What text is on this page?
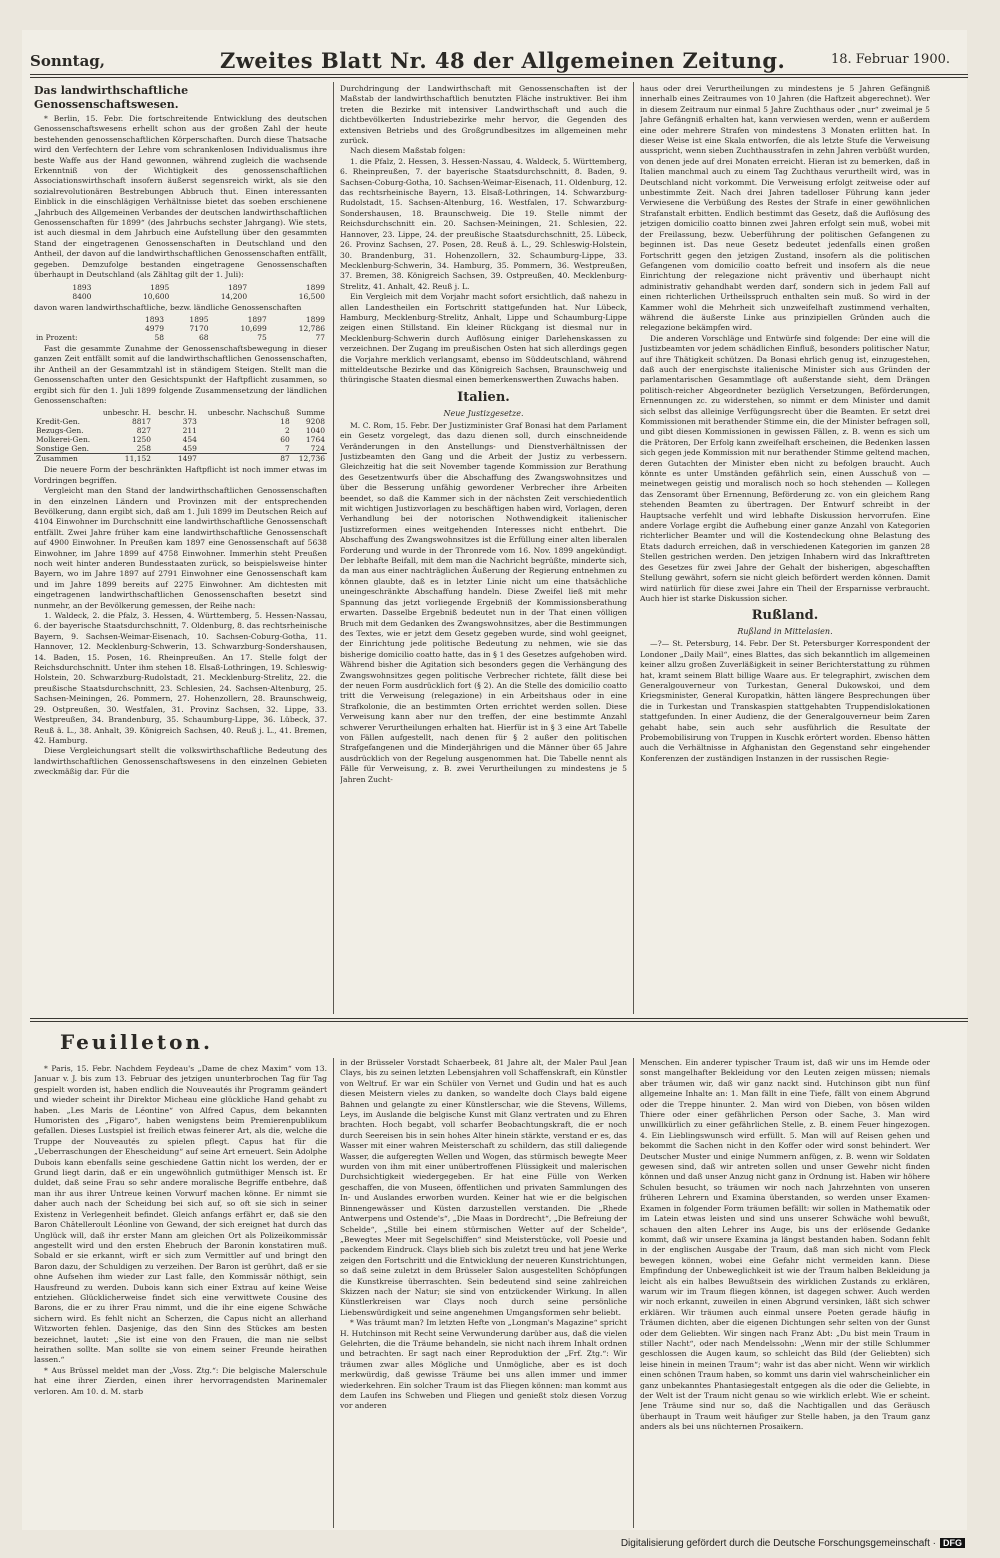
Sonntag,	Zweites Blatt Nr. 48 der Allgemeinen Zeitung.	18. Februar 1900.
Das landwirthschaftliche Genossenschaftswesen.

* Berlin, 15. Febr. Die fortschreitende Entwicklung des deutschen Genossenschaftswesens erhellt schon aus der großen Zahl der heute bestehenden genossenschaftlichen Körperschaften. Durch diese Thatsache wird den Verfechtern der Lehre vom schrankenlosen Individualismus ihre beste Waffe aus der Hand gewonnen, während zugleich die wachsende Erkenntniß von der Wichtigkeit des genossenschaftlichen Associationswirthschaft insofern äußerst segensreich wirkt, als sie den sozialrevolutionären Bestrebungen Abbruch thut. Einen interessanten Einblick in die einschlägigen Verhältnisse bietet das soeben erschienene „Jahrbuch des Allgemeinen Verbandes der deutschen landwirthschaftlichen Genossenschaften für 1899“ (des Jahrbuchs sechster Jahrgang). Wie stets, ist auch diesmal in dem Jahrbuch eine Aufstellung über den gesammten Stand der eingetragenen Genossenschaften in Deutschland und den Antheil, der davon auf die landwirthschaftlichen Genossenschaften entfällt, gegeben. Demzufolge bestanden eingetragene Genossenschaften überhaupt in Deutschland (als Zähltag gilt der 1. Juli):

1893	1895	1897	1899
8400	10,600	14,200	16,500

davon waren landwirthschaftliche, bezw. ländliche Genossenschaften

	1893	1895	1897	1899
	4979	7170	10,699	12,786
in Prozent:	58	68	75	77

Fast die gesammte Zunahme der Genossenschaftsbewegung in dieser ganzen Zeit entfällt somit auf die landwirthschaftlichen Genossenschaften, ihr Antheil an der Gesammtzahl ist in ständigem Steigen. Stellt man die Genossenschaften unter den Gesichtspunkt der Haftpflicht zusammen, so ergibt sich für den 1. Juli 1899 folgende Zusammensetzung der ländlichen Genossenschaften:

	unbeschr. H.	beschr. H.	unbeschr. Nachschuß	Summe
Kredit-Gen.	8817	373	18	9208
Bezugs-Gen.	827	211	2	1040
Molkerei-Gen.	1250	454	60	1764
Sonstige Gen.	258	459	7	724
Zusammen	11,152	1497	87	12,736

Die neuere Form der beschränkten Haftpflicht ist noch immer etwas im Vordringen begriffen.

Vergleicht man den Stand der landwirthschaftlichen Genossenschaften in den einzelnen Ländern und Provinzen mit der entsprechenden Bevölkerung, dann ergibt sich, daß am 1. Juli 1899 im Deutschen Reich auf 4104 Einwohner im Durchschnitt eine landwirthschaftliche Genossenschaft entfällt. Zwei Jahre früher kam eine landwirthschaftliche Genossenschaft auf 4900 Einwohner. In Preußen kam 1897 eine Genossenschaft auf 5638 Einwohner, im Jahre 1899 auf 4758 Einwohner. Immerhin steht Preußen noch weit hinter anderen Bundesstaaten zurück, so beispielsweise hinter Bayern, wo im Jahre 1897 auf 2791 Einwohner eine Genossenschaft kam und im Jahre 1899 bereits auf 2275 Einwohner. Am dichtesten mit eingetragenen landwirthschaftlichen Genossenschaften besetzt sind nunmehr, an der Bevölkerung gemessen, der Reihe nach:

1. Waldeck, 2. die Pfalz, 3. Hessen, 4. Württemberg, 5. Hessen-Nassau, 6. der bayerische Staatsdurchschnitt, 7. Oldenburg, 8. das rechtsrheinische Bayern, 9. Sachsen-Weimar-Eisenach, 10. Sachsen-Coburg-Gotha, 11. Hannover, 12. Mecklenburg-Schwerin, 13. Schwarzburg-Sondershausen, 14. Baden, 15. Posen, 16. Rheinpreußen. An 17. Stelle folgt der Reichsdurchschnitt. Unter ihm stehen 18. Elsaß-Lothringen, 19. Schleswig-Holstein, 20. Schwarzburg-Rudolstadt, 21. Mecklenburg-Strelitz, 22. die preußische Staatsdurchschnitt, 23. Schlesien, 24. Sachsen-Altenburg, 25. Sachsen-Meiningen, 26. Pommern, 27. Hohenzollern, 28. Braunschweig, 29. Ostpreußen, 30. Westfalen, 31. Provinz Sachsen, 32. Lippe, 33. Westpreußen, 34. Brandenburg, 35. Schaumburg-Lippe, 36. Lübeck, 37. Reuß ä. L., 38. Anhalt, 39. Königreich Sachsen, 40. Reuß j. L., 41. Bremen, 42. Hamburg.

Diese Vergleichungsart stellt die volkswirthschaftliche Bedeutung des landwirthschaftlichen Genossenschaftswesens in den einzelnen Gebieten zweckmäßig dar. Für die

Durchdringung der Landwirthschaft mit Genossenschaften ist der Maßstab der landwirthschaftlich benutzten Fläche instruktiver. Bei ihm treten die Bezirke mit intensiver Landwirthschaft und auch die dichtbevölkerten Industriebezirke mehr hervor, die Gegenden des extensiven Betriebs und des Großgrundbesitzes im allgemeinen mehr zurück.

Nach diesem Maßstab folgen:

1. die Pfalz, 2. Hessen, 3. Hessen-Nassau, 4. Waldeck, 5. Württemberg, 6. Rheinpreußen, 7. der bayerische Staatsdurchschnitt, 8. Baden, 9. Sachsen-Coburg-Gotha, 10. Sachsen-Weimar-Eisenach, 11. Oldenburg, 12. das rechtsrheinische Bayern, 13. Elsaß-Lothringen, 14. Schwarzburg-Rudolstadt, 15. Sachsen-Altenburg, 16. Westfalen, 17. Schwarzburg-Sondershausen, 18. Braunschweig. Die 19. Stelle nimmt der Reichsdurchschnitt ein. 20. Sachsen-Meiningen, 21. Schlesien, 22. Hannover, 23. Lippe, 24. der preußische Staatsdurchschnitt, 25. Lübeck, 26. Provinz Sachsen, 27. Posen, 28. Reuß ä. L., 29. Schleswig-Holstein, 30. Brandenburg, 31. Hohenzollern, 32. Schaumburg-Lippe, 33. Mecklenburg-Schwerin, 34. Hamburg, 35. Pommern, 36. Westpreußen, 37. Bremen, 38. Königreich Sachsen, 39. Ostpreußen, 40. Mecklenburg-Strelitz, 41. Anhalt, 42. Reuß j. L.

Ein Vergleich mit dem Vorjahr macht sofort ersichtlich, daß nahezu in allen Landestheilen ein Fortschritt stattgefunden hat. Nur Lübeck, Hamburg, Mecklenburg-Strelitz, Anhalt, Lippe und Schaumburg-Lippe zeigen einen Stillstand. Ein kleiner Rückgang ist diesmal nur in Mecklenburg-Schwerin durch Auflösung einiger Darlehenskassen zu verzeichnen. Der Zugang im preußischen Osten hat sich allerdings gegen die Vorjahre merklich verlangsamt, ebenso im Süddeutschland, während mitteldeutsche Bezirke und das Königreich Sachsen, Braunschweig und thüringische Staaten diesmal einen bemerkenswerthen Zuwachs haben.

Italien.
Neue Justizgesetze.

M. C. Rom, 15. Febr. Der Justizminister Graf Bonasi hat dem Parlament ein Gesetz vorgelegt, das dazu dienen soll, durch einschneidende Veränderungen in den Anstellungs- und Dienstverhältnissen der Justizbeamten den Gang und die Arbeit der Justiz zu verbessern. Gleichzeitig hat die seit November tagende Kommission zur Berathung des Gesetzentwurfs über die Abschaffung des Zwangswohnsitzes und über die Besserung unfähig gewordener Verbrecher ihre Arbeiten beendet, so daß die Kammer sich in der nächsten Zeit verschiedentlich mit wichtigen Justizvorlagen zu beschäftigen haben wird, Vorlagen, deren Verhandlung bei der notorischen Nothwendigkeit italienischer Justizreformen eines weitgehenden Interesses nicht entbehrt. Die Abschaffung des Zwangswohnsitzes ist die Erfüllung einer alten liberalen Forderung und wurde in der Thronrede vom 16. Nov. 1899 angekündigt. Der lebhafte Beifall, mit dem man die Nachricht begrüßte, minderte sich, da man aus einer nachträglichen Äußerung der Regierung entnehmen zu können glaubte, daß es in letzter Linie nicht um eine thatsächliche uneingeschränkte Abschaffung handeln. Diese Zweifel ließ mit mehr Spannung das jetzt vorliegende Ergebniß der Kommissionsberathung erwarten. Dasselbe Ergebniß bedeutet nun in der That einen völligen Bruch mit dem Gedanken des Zwangswohnsitzes, aber die Bestimmungen des Textes, wie er jetzt dem Gesetz gegeben wurde, sind wohl geeignet, der Einrichtung jede politische Bedeutung zu nehmen, wie sie das bisherige domicilio coatto hatte, das in § 1 des Gesetzes aufgehoben wird. Während bisher die Agitation sich besonders gegen die Verhängung des Zwangswohnsitzes gegen politische Verbrecher richtete, fällt diese bei der neuen Form ausdrücklich fort (§ 2). An die Stelle des domicilio coatto tritt die Verweisung (relegazione) in ein Arbeitshaus oder in eine Strafkolonie, die an bestimmten Orten errichtet werden sollen. Diese Verweisung kann aber nur den treffen, der eine bestimmte Anzahl schwerer Verurtheilungen erhalten hat. Hierfür ist in § 3 eine Art Tabelle von Fällen aufgestellt, nach denen für § 2 außer den politischen Strafgefangenen und die Minderjährigen und die Männer über 65 Jahre ausdrücklich von der Regelung ausgenommen hat. Die Tabelle nennt als Fälle für Verweisung, z. B. zwei Verurtheilungen zu mindestens je 5 Jahren Zucht-

haus oder drei Verurtheilungen zu mindestens je 5 Jahren Gefängniß innerhalb eines Zeitraumes von 10 Jahren (die Haftzeit abgerechnet). Wer in diesem Zeitraum nur einmal 5 Jahre Zuchthaus oder „nur“ zweimal je 5 Jahre Gefängniß erhalten hat, kann verwiesen werden, wenn er außerdem eine oder mehrere Strafen von mindestens 3 Monaten erlitten hat. In dieser Weise ist eine Skala entworfen, die als letzte Stufe die Verweisung ausspricht, wenn sieben Zuchthausstrafen in zehn Jahren verbüßt wurden, von denen jede auf drei Monaten erreicht. Hieran ist zu bemerken, daß in Italien manchmal auch zu einem Tag Zuchthaus verurtheilt wird, was in Deutschland nicht vorkommt. Die Verweisung erfolgt zeitweise oder auf unbestimmte Zeit. Nach drei Jahren tadelloser Führung kann jeder Verwiesene die Verbüßung des Restes der Strafe in einer gewöhnlichen Strafanstalt erbitten. Endlich bestimmt das Gesetz, daß die Auflösung des jetzigen domicilio coatto binnen zwei Jahren erfolgt sein muß, wobei mit der Freilassung, bezw. Ueberführung der politischen Gefangenen zu beginnen ist. Das neue Gesetz bedeutet jedenfalls einen großen Fortschritt gegen den jetzigen Zustand, insofern als die politischen Gefangenen vom domicilio coatto befreit und insofern als die neue Einrichtung der relegazione nicht präventiv und überhaupt nicht administrativ gehandhabt werden darf, sondern sich in jedem Fall auf einen richterlichen Urtheilsspruch enthalten sein muß. So wird in der Kammer wohl die Mehrheit sich unzweifelhaft zustimmend verhalten, während die äußerste Linke aus prinzipiellen Gründen auch die relegazione bekämpfen wird.

Die anderen Vorschläge und Entwürfe sind folgende: Der eine will die Justizbeamten vor jedem schädlichen Einfluß, besonders politischer Natur, auf ihre Thätigkeit schützen. Da Bonasi ehrlich genug ist, einzugestehen, daß auch der energischste italienische Minister sich aus Gründen der parlamentarischen Gesammtlage oft außerstande sieht, dem Drängen politisch-reicher Abgeordneter bezüglich Versetzungen, Beförderungen, Ernennungen zc. zu widerstehen, so nimmt er dem Minister und damit sich selbst das alleinige Verfügungsrecht über die Beamten. Er setzt drei Kommissionen mit berathender Stimme ein, die der Minister befragen soll, und gibt diesen Kommissionen in gewissen Fällen, z. B. wenn es sich um die Prätoren, Der Erfolg kann zweifelhaft erscheinen, die Bedenken lassen sich gegen jede Kommission mit nur berathender Stimme geltend machen, deren Gutachten der Minister eben nicht zu befolgen braucht. Auch könnte es unter Umständen gefährlich sein, einen Ausschuß von — meinetwegen geistig und moralisch noch so hoch stehenden — Kollegen das Zensoramt über Ernennung, Beförderung zc. von ein gleichem Rang stehenden Beamten zu übertragen. Der Entwurf schreibt in der Hauptsache verfehlt und wird lebhafte Diskussion hervorrufen. Eine andere Vorlage ergibt die Aufhebung einer ganze Anzahl von Kategorien richterlicher Beamter und will die Kostendeckung ohne Belastung des Etats dadurch erreichen, daß in verschiedenen Kategorien im ganzen 28 Stellen gestrichen werden. Den jetzigen Inhabern wird das Inkrafttreten des Gesetzes für zwei Jahre der Gehalt der bisherigen, abgeschafften Stellung gewährt, sofern sie nicht gleich befördert werden können. Damit wird natürlich für diese zwei Jahre ein Theil der Ersparnisse verbraucht. Auch hier ist starke Diskussion sicher.

Rußland.
Rußland in Mittelasien.

—?— St. Petersburg, 14. Febr. Der St. Petersburger Korrespondent der Londoner „Daily Mail“, eines Blattes, das sich bekanntlich im allgemeinen keiner allzu großen Zuverläßigkeit in seiner Berichterstattung zu rühmen hat, kramt seinem Blatt billige Waare aus. Er telegraphirt, zwischen dem Generalgouverneur von Turkestan, General Dukowskoi, und dem Kriegsminister, General Kuropatkin, hätten längere Besprechungen über die in Turkestan und Transkaspien stattgehabten Truppendislokationen stattgefunden. In einer Audienz, die der Generalgouverneur beim Zaren gehabt habe, sein auch sehr ausführlich die Resultate der Probemobilisirung von Truppen in Kuschk erörtert worden. Ebenso hätten auch die Verhältnisse in Afghanistan den Gegenstand sehr eingehender Konferenzen der zuständigen Instanzen in der russischen Regie-

Feuilleton.

* Paris, 15. Febr. Nachdem Feydeau's „Dame de chez Maxim“ vom 13. Januar v. J. bis zum 13. Februar des jetzigen ununterbrochen Tag für Tag gespielt worden ist, haben endlich die Nouveautés ihr Programm geändert und wieder scheint ihr Direktor Micheau eine glückliche Hand gehabt zu haben. „Les Maris de Léontine“ von Alfred Capus, dem bekannten Humoristen des „Figaro“, haben wenigstens beim Premierenpublikum gefallen. Dieses Lustspiel ist freilich etwas feinerer Art, als die, welche die Truppe der Nouveautés zu spielen pflegt. Capus hat für die „Ueberraschungen der Ehescheidung“ auf seine Art erneuert. Sein Adolphe Dubois kann ebenfalls seine geschiedene Gattin nicht los werden, der er Grund liegt darin, daß er ein ungewöhnlich gutmüthiger Mensch ist. Er duldet, daß seine Frau so sehr andere moralische Begriffe entbehre, daß man ihr aus ihrer Untreue keinen Vorwurf machen könne. Er nimmt sie daher auch nach der Scheidung bei sich auf, so oft sie sich in seiner Existenz in Verlegenheit befindet. Gleich anfangs erfährt er, daß sie den Baron Châtelleroult Léonline von Gewand, der sich ereignet hat durch das Unglück will, daß ihr erster Mann am gleichen Ort als Polizeikommissär angestellt wird und den ersten Ehebruch der Baronin konstatiren muß. Sobald er sie erkannt, wirft er sich zum Vermittler auf und bringt den Baron dazu, der Schuldigen zu verzeihen. Der Baron ist gerührt, daß er sie ohne Aufsehen ihm wieder zur Last falle, den Kommissär nöthigt, sein Hausfreund zu werden. Dubois kann sich einer Extrau auf keine Weise entziehen. Glücklicherweise findet sich eine verwittwete Cousine des Barons, die er zu ihrer Frau nimmt, und die ihr eine eigene Schwäche sichern wird. Es fehlt nicht an Scherzen, die Capus nicht an allerhand Witzworten fehlen. Dasjenige, das den Sinn des Stückes am besten bezeichnet, lautet: „Sie ist eine von den Frauen, die man nie selbst heirathen sollte. Man sollte sie von einem seiner Freunde heirathen lassen.“

* Aus Brüssel meldet man der „Voss. Ztg.“: Die belgische Malerschule hat eine ihrer Zierden, einen ihrer hervorragendsten Marinemaler verloren. Am 10. d. M. starb

in der Brüsseler Vorstadt Schaerbeek, 81 Jahre alt, der Maler Paul Jean Clays, bis zu seinen letzten Lebensjahren voll Schaffenskraft, ein Künstler von Weltruf. Er war ein Schüler von Vernet und Gudin und hat es auch diesen Meistern vieles zu danken, so wandelte doch Clays bald eigene Bahnen und gelangte zu einer Künstlerschar, wie die Stevens, Willems, Leys, im Auslande die belgische Kunst mit Glanz vertraten und zu Ehren brachten. Hoch begabt, voll scharfer Beobachtungskraft, die er noch durch Seereisen bis in sein hohes Alter hinein stärkte, verstand er es, das Wasser mit einer wahren Meisterschaft zu schildern, das still daliegende Wasser, die aufgeregten Wellen und Wogen, das stürmisch bewegte Meer wurden von ihm mit einer unübertroffenen Flüssigkeit und malerischen Durchsichtigkeit wiedergegeben. Er hat eine Fülle von Werken geschaffen, die von Museen, öffentlichen und privaten Sammlungen des In- und Auslandes erworben wurden. Keiner hat wie er die belgischen Binnengewässer und Küsten darzustellen verstanden. Die „Rhede Antwerpens und Ostende's“, „Die Maas in Dordrecht“, „Die Befreiung der Schelde“, „Stille bei einem stürmischen Wetter auf der Schelde“, „Bewegtes Meer mit Segelschiffen“ sind Meisterstücke, voll Poesie und packendem Eindruck. Clays blieb sich bis zuletzt treu und hat jene Werke zeigen den Fortschritt und die Entwicklung der neueren Kunstrichtungen, so daß seine zuletzt in dem Brüsseler Salon ausgestellten Schöpfungen die Kunstkreise überraschten. Sein bedeutend sind seine zahlreichen Skizzen nach der Natur; sie sind von entzückender Wirkung. In allen Künstlerkreisen war Clays noch durch seine persönliche Liebenswürdigkeit und seine angenehmen Umgangsformen sehr beliebt.

* Was träumt man? Im letzten Hefte von „Longman's Magazine“ spricht H. Hutchinson mit Recht seine Verwunderung darüber aus, daß die vielen Gelehrten, die die Träume behandeln, sie nicht nach ihrem Inhalt ordnen und betrachten. Er sagt nach einer Reproduktion der „Frf. Ztg.“: Wir träumen zwar alles Mögliche und Unmögliche, aber es ist doch merkwürdig, daß gewisse Träume bei uns allen immer und immer wiederkehren. Ein solcher Traum ist das Fliegen können: man kommt aus dem Laufen ins Schweben und Fliegen und genießt stolz diesen Vorzug vor anderen

Menschen. Ein anderer typischer Traum ist, daß wir uns im Hemde oder sonst mangelhafter Bekleidung vor den Leuten zeigen müssen; niemals aber träumen wir, daß wir ganz nackt sind. Hutchinson gibt nun fünf allgemeine Inhalte an: 1. Man fällt in eine Tiefe, fällt von einem Abgrund oder die Treppe hinunter. 2. Man wird von Dieben, von bösen wilden Thiere oder einer gefährlichen Person oder Sache, 3. Man wird unwillkürlich zu einer gefährlichen Stelle, z. B. einem Feuer hingezogen. 4. Ein Lieblingswunsch wird erfüllt. 5. Man will auf Reisen gehen und bekommt die Sachen nicht in den Koffer oder wird sonst behindert. Wer Deutscher Muster und einige Nummern anfügen, z. B. wenn wir Soldaten gewesen sind, daß wir antreten sollen und unser Gewehr nicht finden können und daß unser Anzug nicht ganz in Ordnung ist. Haben wir höhere Schulen besucht, so träumen wir noch nach Jahrzehnten von unseren früheren Lehrern und Examina überstanden, so werden unser Examen-Examen in folgender Form träumen befällt: wir sollen in Mathematik oder im Latein etwas leisten und sind uns unserer Schwäche wohl bewußt, schauen den alten Lehrer ins Auge, bis uns der erlösende Gedanke kommt, daß wir unsere Examina ja längst bestanden haben. Sodann fehlt in der englischen Ausgabe der Traum, daß man sich nicht vom Fleck bewegen können, wobei eine Gefahr nicht vermeiden kann. Diese Empfindung der Unbeweglichkeit ist wie der Traum halben Bekleidung ja leicht als ein halbes Bewußtsein des wirklichen Zustands zu erklären, warum wir im Traum fliegen können, ist dagegen schwer. Auch werden wir noch erkannt, zuweilen in einen Abgrund versinken, läßt sich schwer erklären. Wir träumen auch einmal unsere Poeten gerade häufig in Träumen dichten, aber die eigenen Dichtungen sehr selten von der Gunst oder dem Geliebten. Wir singen nach Franz Abt: „Du bist mein Traum in stiller Nacht“, oder nach Mendelssohn: „Wenn mir der stille Schlummer geschlossen die Augen kaum, so schleicht das Bild (der Geliebten) sich leise hinein in meinen Traum“; wahr ist das aber nicht. Wenn wir wirklich einen schönen Traum haben, so kommt uns darin viel wahrscheinlicher ein ganz unbekanntes Phantasiegestalt entgegen als die oder die Geliebte, in der Welt ist der Traum nicht genau so wie wirklich erlebt. Wie er scheint. Jene Träume sind nur so, daß die Nachtigallen und das Geräusch überhaupt in Traum weit häufiger zur Stelle haben, ja den Traum ganz anders als bei uns nüchternen Prosaikern.

Digitalisierung gefördert durch die Deutsche Forschungsgemeinschaft · DFG
